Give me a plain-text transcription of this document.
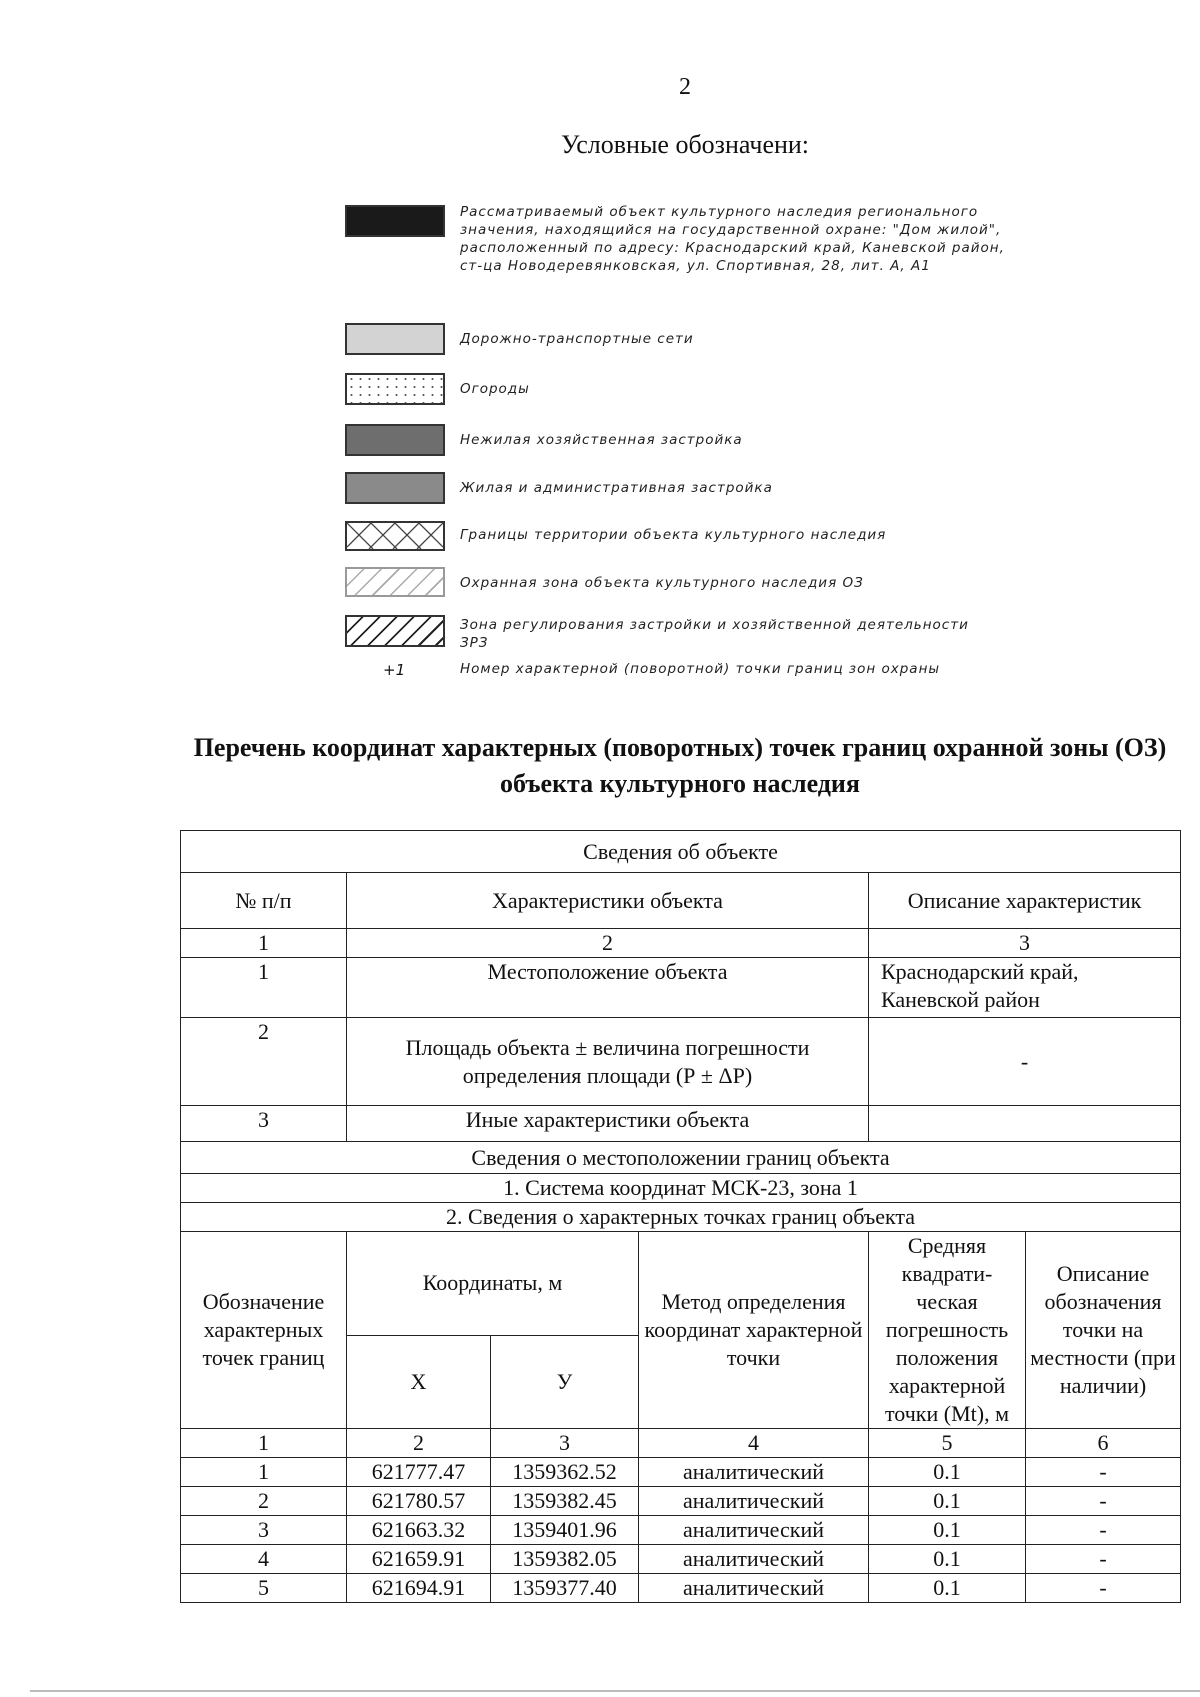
2
Условные обозначени:
Рассматриваемый объект культурного наследия регионального значения, находящийся на государственной охране: "Дом жилой", расположенный по адресу: Краснодарский край, Каневской район, ст-ца Новодеревянковская, ул. Спортивная, 28, лит. А, А1
Дорожно-транспортные сети
Огороды
Нежилая хозяйственная застройка
Жилая и административная застройка
Границы территории объекта культурного наследия
Охранная зона объекта культурного наследия ОЗ
Зона регулирования застройки и хозяйственной деятельности ЗРЗ
+1	Номер характерной (поворотной) точки границ зон охраны
Перечень координат характерных (поворотных) точек границ охранной зоны (ОЗ) объекта культурного наследия
Сведения об объекте					
№ п/п	Характеристики объекта			Описание характеристик	
1	2			3	
1	Местоположение объекта			Краснодарский край, Каневской район	
2	Площадь объекта ± величина погрешности определения площади (Р ± ΔР)			-	
3	Иные характеристики объекта				
Сведения о местоположении границ объекта					
1. Система координат МСК-23, зона 1					
2. Сведения о характерных точках границ объекта					
Обозначение характерных точек границ	Координаты, м		Метод определения координат характерной точки	Средняя квадрати-ческая погрешность положения характерной точки (Мt), м	Описание обозначения точки на местности (при наличии)
	X	У			
1	2	3	4	5	6
1	621777.47	1359362.52	аналитический	0.1	-
2	621780.57	1359382.45	аналитический	0.1	-
3	621663.32	1359401.96	аналитический	0.1	-
4	621659.91	1359382.05	аналитический	0.1	-
5	621694.91	1359377.40	аналитический	0.1	-
